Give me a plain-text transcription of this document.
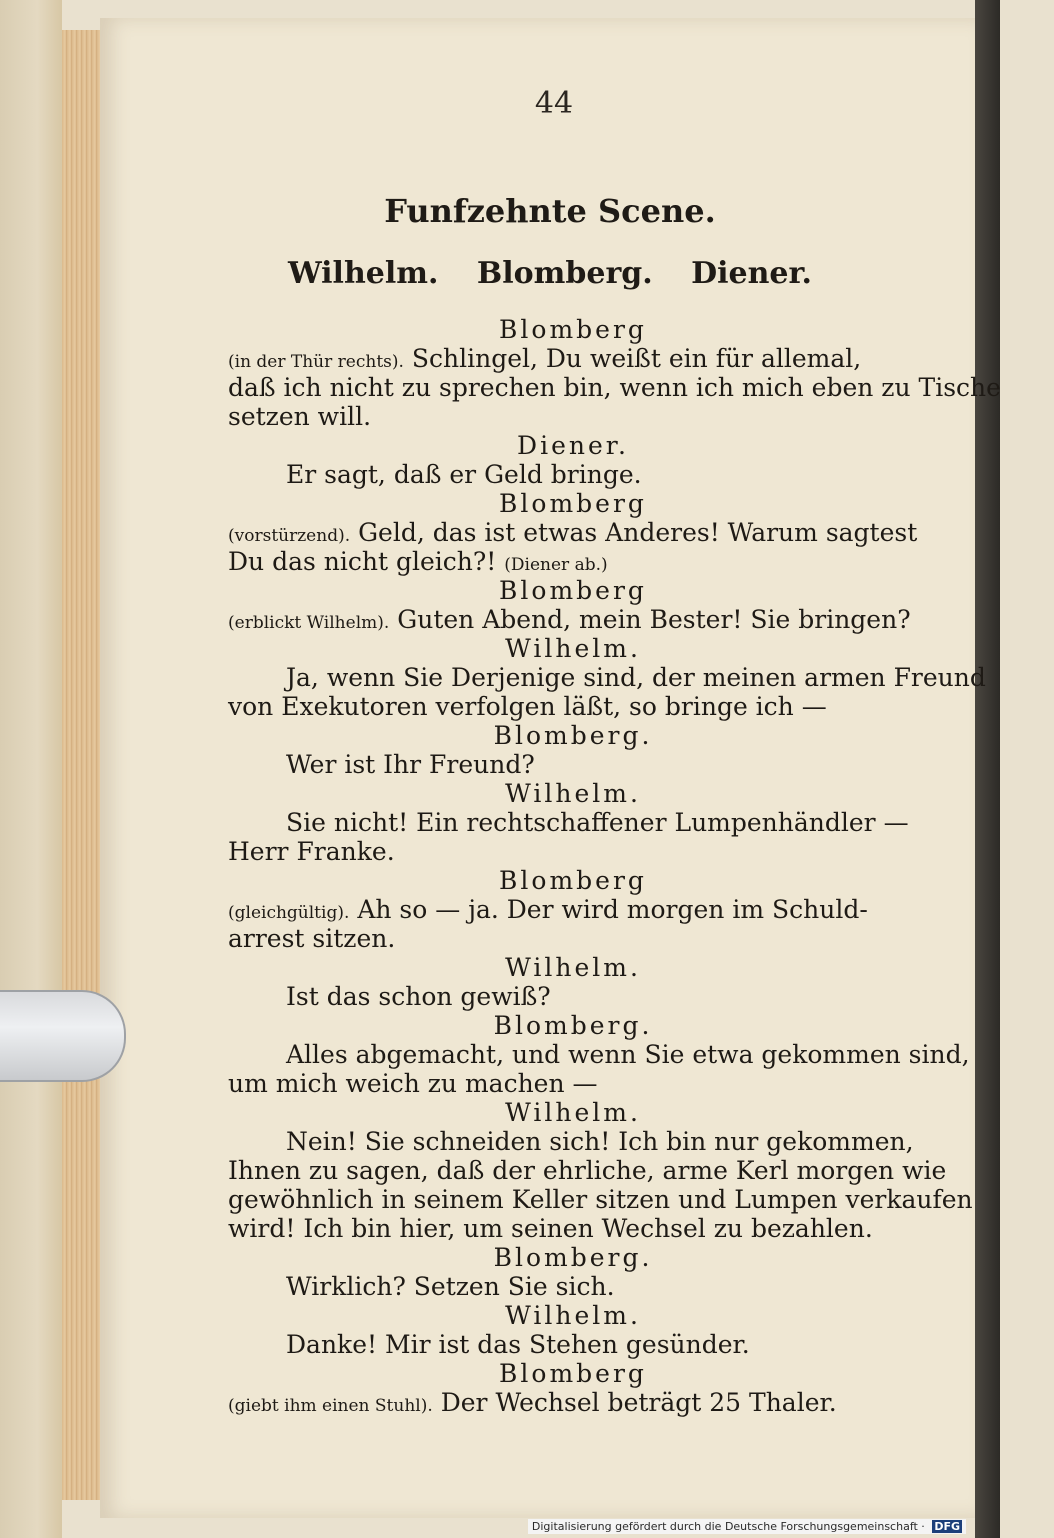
44
Funfzehnte Scene.
Wilhelm. Blomberg. Diener.
Blomberg
(in der Thür rechts). Schlingel, Du weißt ein für allemal,
daß ich nicht zu sprechen bin, wenn ich mich eben zu Tische
setzen will.
Diener.
Er sagt, daß er Geld bringe.
Blomberg
(vorstürzend). Geld, das ist etwas Anderes! Warum sagtest
Du das nicht gleich?! (Diener ab.)
Blomberg
(erblickt Wilhelm). Guten Abend, mein Bester! Sie bringen?
Wilhelm.
Ja, wenn Sie Derjenige sind, der meinen armen Freund
von Exekutoren verfolgen läßt, so bringe ich —
Blomberg.
Wer ist Ihr Freund?
Wilhelm.
Sie nicht! Ein rechtschaffener Lumpenhändler —
Herr Franke.
Blomberg
(gleichgültig). Ah so — ja. Der wird morgen im Schuld-
arrest sitzen.
Wilhelm.
Ist das schon gewiß?
Blomberg.
Alles abgemacht, und wenn Sie etwa gekommen sind,
um mich weich zu machen —
Wilhelm.
Nein! Sie schneiden sich! Ich bin nur gekommen,
Ihnen zu sagen, daß der ehrliche, arme Kerl morgen wie
gewöhnlich in seinem Keller sitzen und Lumpen verkaufen
wird! Ich bin hier, um seinen Wechsel zu bezahlen.
Blomberg.
Wirklich? Setzen Sie sich.
Wilhelm.
Danke! Mir ist das Stehen gesünder.
Blomberg
(giebt ihm einen Stuhl). Der Wechsel beträgt 25 Thaler.
Digitalisierung gefördert durch die Deutsche Forschungsgemeinschaft · DFG
